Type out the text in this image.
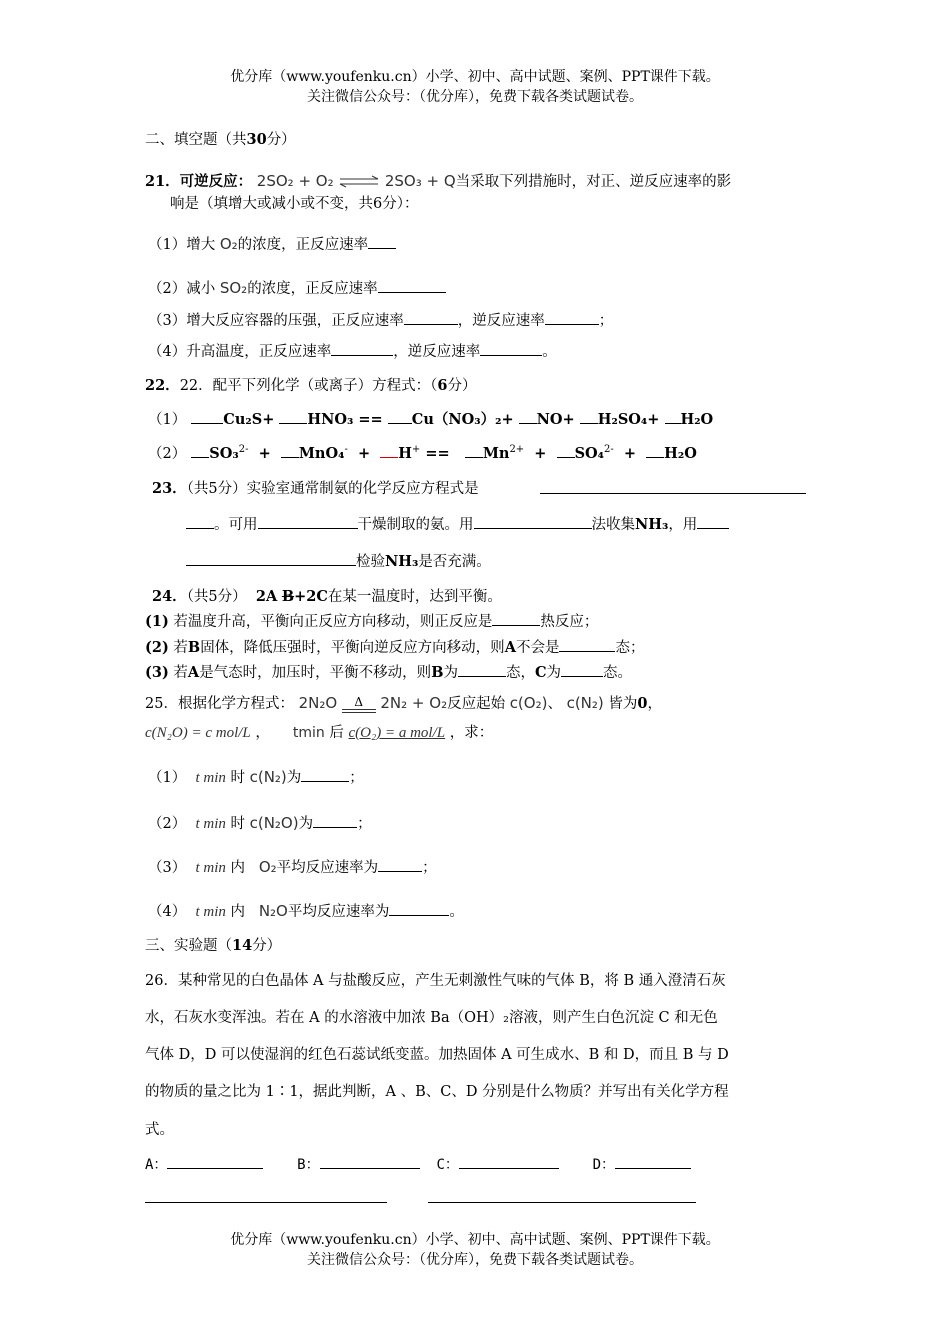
优分库（www.youfenku.cn）小学、初中、高中试题、案例、PPT课件下载。
关注微信公众号：（优分库），免费下载各类试题试卷。
二、填空题（共30分）
21．可逆反应： 2SO₂ + O₂ ⇌ 2SO₃ + Q当采取下列措施时，对正、逆反应速率的影
响是（填增大或减小或不变，共6分）：
（1）增大 O₂的浓度，正反应速率
（2）减小 SO₂的浓度，正反应速率
（3）增大反应容器的压强，正反应速率	，逆反应速率	；
（4）升高温度，正反应速率	，逆反应速率	。
22．22．配平下列化学（或离子）方程式：（6分）
（1）	Cu₂S+ HNO₃ == Cu（NO₃）₂+ NO+ H₂SO₄+ H₂O
（2） $SO_3^{2-} + MnO_4^- + H^+ == Mn^{2+} + SO_4^{2-} + H_2O$
23．（共5分）实验室通常制氨的化学反应方程式是
。可用	干燥制取的氨。用	法收集NH₃，用
检验NH₃是否充满。
24．（共5分） 2A B+2C在某一温度时，达到平衡。
(1) 若温度升高，平衡向正反应方向移动，则正反应是	热反应；
(2) 若B固体，降低压强时，平衡向逆反应方向移动，则A不会是	态；
(3) 若A是气态时，加压时，平衡不移动，则B为	态，C为	态。
25．根据化学方程式： 2N₂O	Δ	2N₂ + O₂反应起始 c(O₂)、 c(N₂) 皆为0，
c(N₂O) = c mol/L ， tmin 后 c(O₂) = a mol/L ，求：
（1） t min 时 c(N₂)为	；
（2） t min 时 c(N₂O)为	；
（3） t min 内 O₂平均反应速率为	；
（4） t min 内 N₂O平均反应速率为	。
三、实验题（14分）
26．某种常见的白色晶体 A 与盐酸反应，产生无刺激性气味的气体 B，将 B 通入澄清石灰
水，石灰水变浑浊。若在 A 的水溶液中加浓 Ba（OH）₂溶液，则产生白色沉淀 C 和无色
气体 D，D 可以使湿润的红色石蕊试纸变蓝。加热固体 A 可生成水、B 和 D，而且 B 与 D
的物质的量之比为 1∶1，据此判断，A 、B、C、D 分别是什么物质？并写出有关化学方程
式。
A：	B：	C：	D：
优分库（www.youfenku.cn）小学、初中、高中试题、案例、PPT课件下载。
关注微信公众号：（优分库），免费下载各类试题试卷。
